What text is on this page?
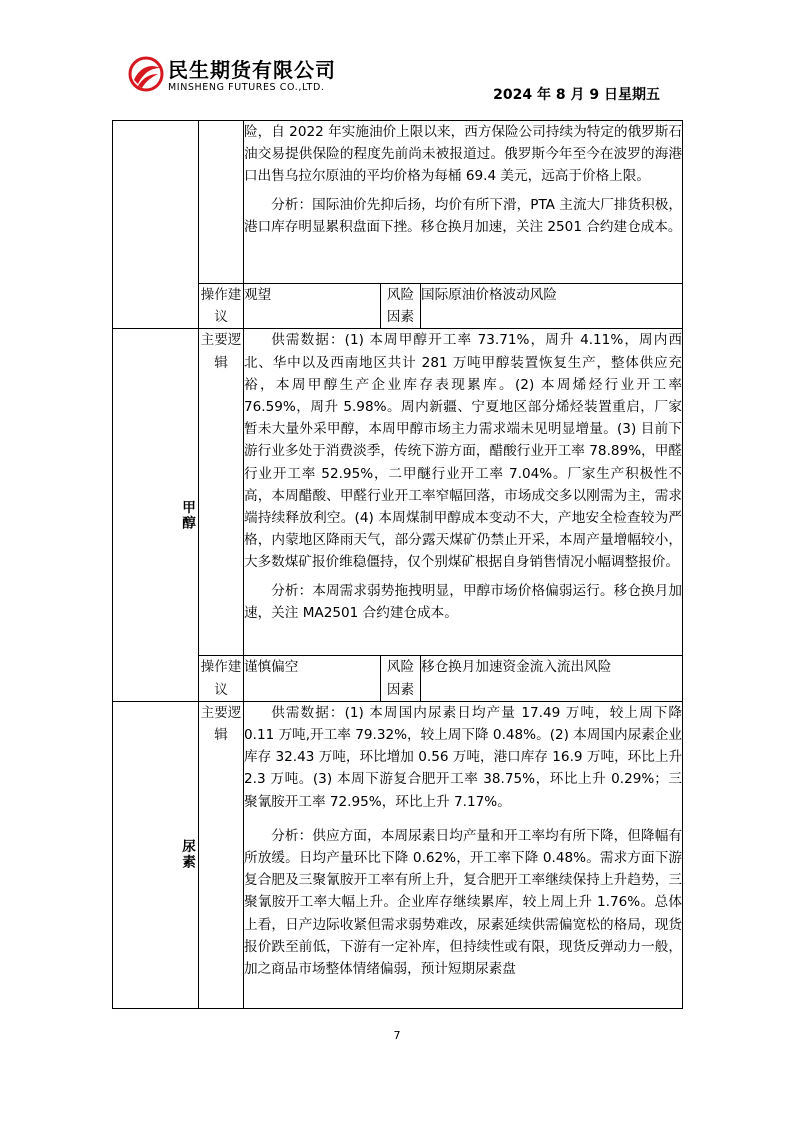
民生期货有限公司
MINSHENG FUTURES CO.,LTD.	2024 年 8 月 9 日星期五

		险，自 2022 年实施油价上限以来，西方保险公司持续为特定的俄罗斯石油交易提供保险的程度先前尚未被报道过。俄罗斯今年至今在波罗的海港口出售乌拉尔原油的平均价格为每桶 69.4 美元，远高于价格上限。

分析：国际油价先抑后扬，均价有所下滑，PTA 主流大厂排货积极，港口库存明显累积盘面下挫。移仓换月加速，关注 2501 合约建仓成本。		

	操作建议	观望	风险因素	国际原油价格波动风险
甲醇	主要逻辑	供需数据：(1) 本周甲醇开工率 73.71%，周升 4.11%，周内西北、华中以及西南地区共计 281 万吨甲醇装置恢复生产，整体供应充裕，本周甲醇生产企业库存表现累库。(2) 本周烯烃行业开工率 76.59%，周升 5.98%。周内新疆、宁夏地区部分烯烃装置重启，厂家暂未大量外采甲醇，本周甲醇市场主力需求端未见明显增量。(3) 目前下游行业多处于消费淡季，传统下游方面，醋酸行业开工率 78.89%，甲醛行业开工率 52.95%，二甲醚行业开工率 7.04%。厂家生产积极性不高，本周醋酸、甲醛行业开工率窄幅回落，市场成交多以刚需为主，需求端持续释放利空。(4) 本周煤制甲醇成本变动不大，产地安全检查较为严格，内蒙地区降雨天气，部分露天煤矿仍禁止开采，本周产量增幅较小，大多数煤矿报价维稳僵持，仅个别煤矿根据自身销售情况小幅调整报价。

分析：本周需求弱势拖拽明显，甲醇市场价格偏弱运行。移仓换月加速，关注 MA2501 合约建仓成本。		

	操作建议	谨慎偏空	风险因素	移仓换月加速资金流入流出风险
尿素	主要逻辑	供需数据：(1) 本周国内尿素日均产量 17.49 万吨，较上周下降 0.11 万吨,开工率 79.32%，较上周下降 0.48%。(2) 本周国内尿素企业库存 32.43 万吨，环比增加 0.56 万吨，港口库存 16.9 万吨，环比上升 2.3 万吨。(3) 本周下游复合肥开工率 38.75%，环比上升 0.29%；三聚氰胺开工率 72.95%，环比上升 7.17%。

分析：供应方面，本周尿素日均产量和开工率均有所下降，但降幅有所放缓。日均产量环比下降 0.62%，开工率下降 0.48%。需求方面下游复合肥及三聚氰胺开工率有所上升，复合肥开工率继续保持上升趋势，三聚氰胺开工率大幅上升。企业库存继续累库，较上周上升 1.76%。总体上看，日产边际收紧但需求弱势难改，尿素延续供需偏宽松的格局，现货报价跌至前低，下游有一定补库，但持续性或有限，现货反弹动力一般，加之商品市场整体情绪偏弱，预计短期尿素盘		

7
